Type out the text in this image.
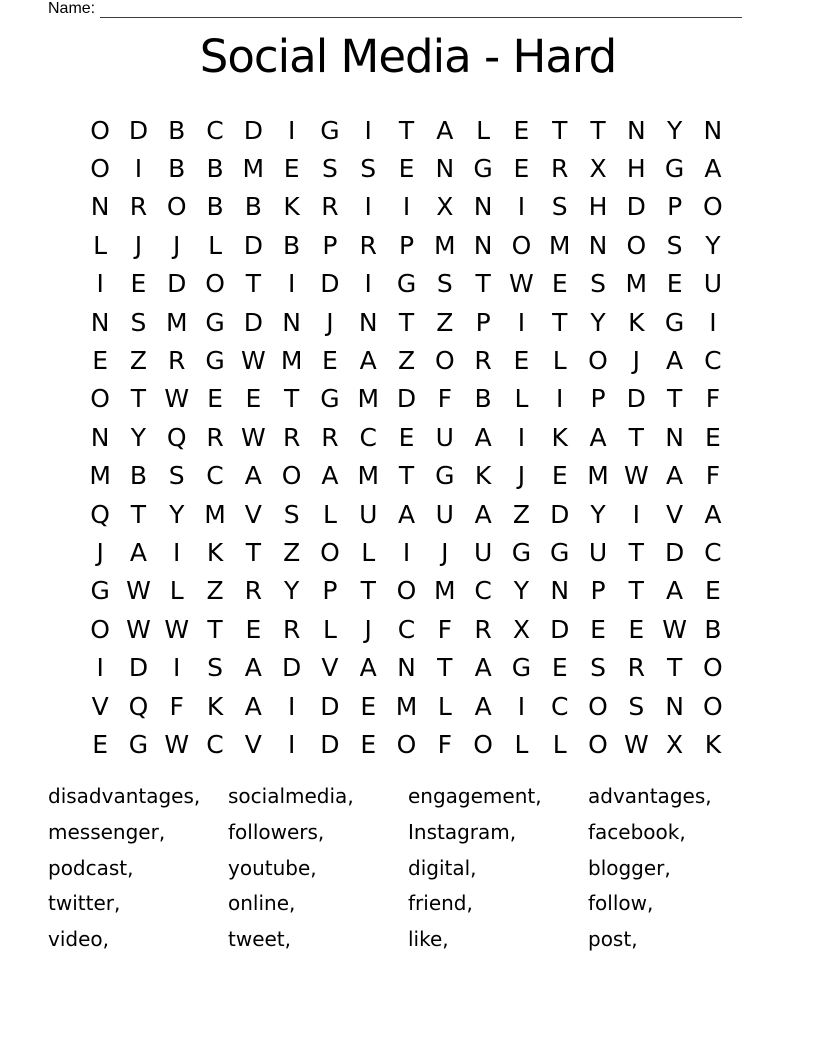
Name:
Social Media - Hard
O D B C D I G I	T A L E T T N Y N
O I	B B M E S S E N G E R X H G A
N R O B B K R	I	I	X N	I	S H D P O
L	J	J	L D B P R P M N O M N O S Y
I	E D O T	I D I G S T W E S M E U
N S M G D N	J	N T Z P	I	T Y K G I
E Z R G W M E A Z O R E L O J	A C
O T W E E T G M D F B L	I	P D T F
N Y Q R W R R C E U A	I	K A T N E
M B S C A O A M T G K	J	E M W A F
Q T Y M V S L U A U A Z D Y	I	V A
J	A	I	K T Z O L	I	J	U G G U T D C
G W L Z R Y P T O M C Y N P T A E
O W W T E R L	J	C F R X D E E W B
I D I	S A D V A N T A G E S R T O
V Q F K A	I D E M L A	I	C O S N O
E G W C V	I D E O F O L L O W X K
disadvantages,
messenger,
podcast,
twitter,
video,
socialmedia,
followers,
youtube,
online,
tweet,
engagement,
Instagram,
digital,
friend,
like,
advantages,
facebook,
blogger,
follow,
post,
